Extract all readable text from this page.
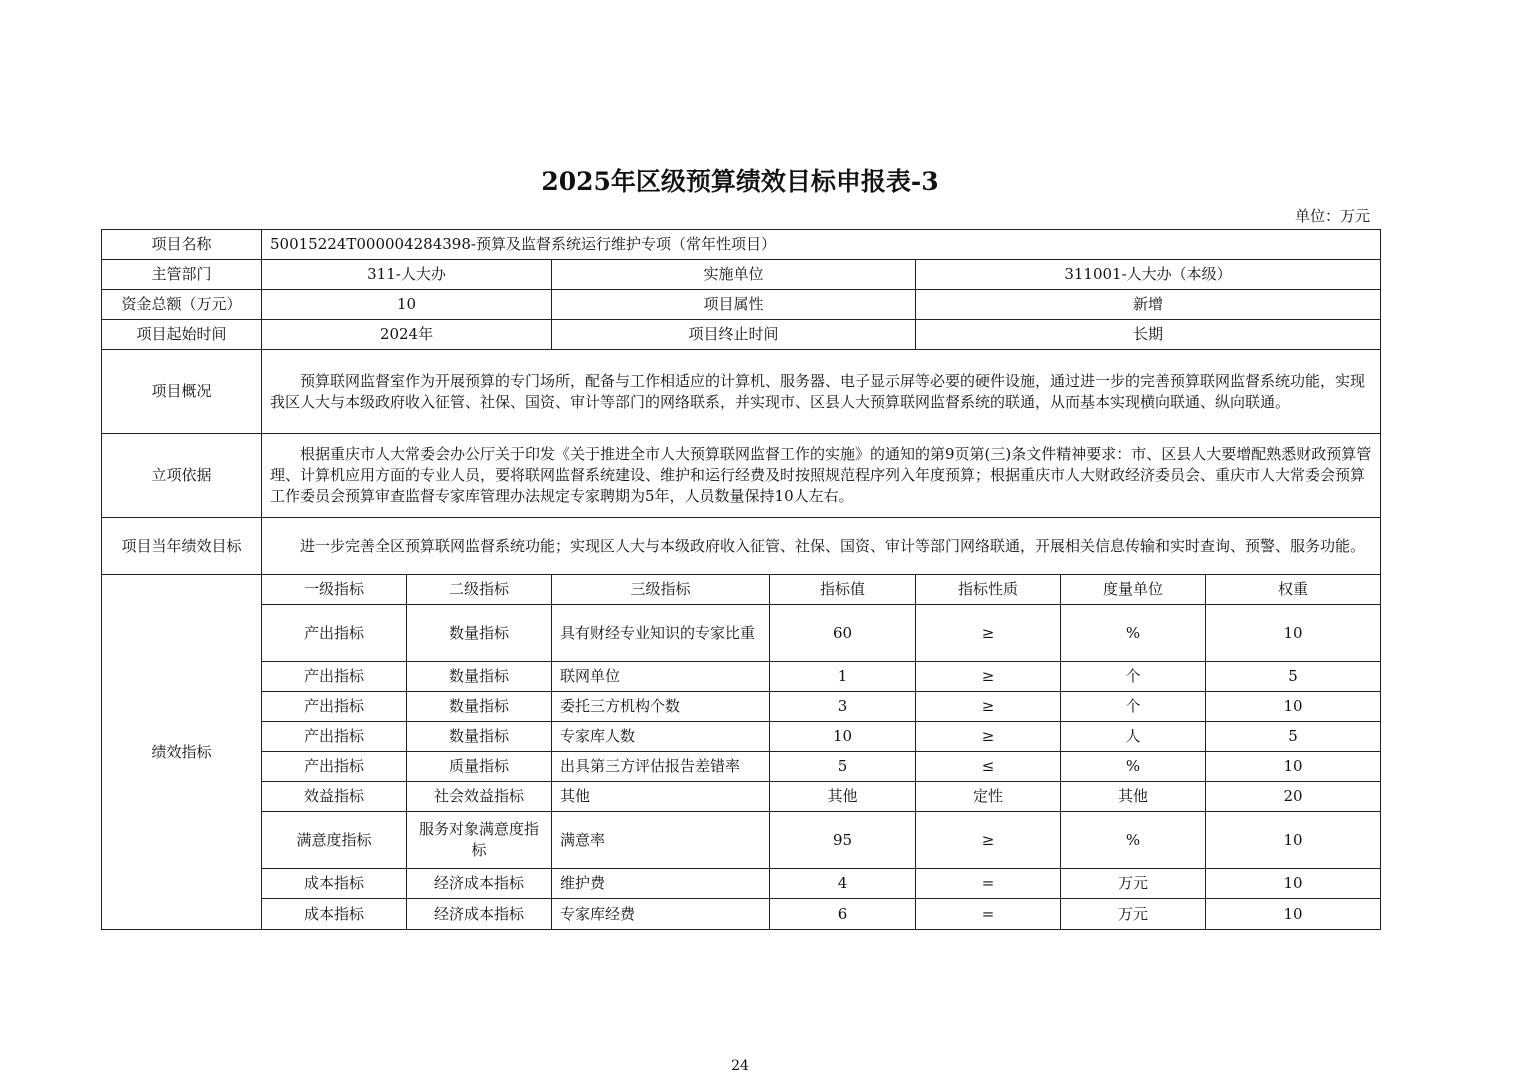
2025年区级预算绩效目标申报表-3
单位：万元
项目名称	50015224T000004284398-预算及监督系统运行维护专项（常年性项目）						
主管部门	311-人大办		实施单位		311001-人大办（本级）		
资金总额（万元）	10		项目属性		新增		
项目起始时间	2024年		项目终止时间		长期		
项目概况	预算联网监督室作为开展预算的专门场所，配备与工作相适应的计算机、服务器、电子显示屏等必要的硬件设施，通过进一步的完善预算联网监督系统功能，实现我区人大与本级政府收入征管、社保、国资、审计等部门的网络联系，并实现市、区县人大预算联网监督系统的联通，从而基本实现横向联通、纵向联通。						
立项依据	根据重庆市人大常委会办公厅关于印发《关于推进全市人大预算联网监督工作的实施》的通知的第9页第(三)条文件精神要求：市、区县人大要增配熟悉财政预算管理、计算机应用方面的专业人员，要将联网监督系统建设、维护和运行经费及时按照规范程序列入年度预算；根据重庆市人大财政经济委员会、重庆市人大常委会预算工作委员会预算审查监督专家库管理办法规定专家聘期为5年，人员数量保持10人左右。						
项目当年绩效目标	进一步完善全区预算联网监督系统功能；实现区人大与本级政府收入征管、社保、国资、审计等部门网络联通，开展相关信息传输和实时查询、预警、服务功能。						
绩效指标	一级指标	二级指标	三级指标	指标值	指标性质	度量单位	权重
	产出指标	数量指标	具有财经专业知识的专家比重	60	≥	%	10
	产出指标	数量指标	联网单位	1	≥	个	5
	产出指标	数量指标	委托三方机构个数	3	≥	个	10
	产出指标	数量指标	专家库人数	10	≥	人	5
	产出指标	质量指标	出具第三方评估报告差错率	5	≤	%	10
	效益指标	社会效益指标	其他	其他	定性	其他	20
	满意度指标	服务对象满意度指标	满意率	95	≥	%	10
	成本指标	经济成本指标	维护费	4	=	万元	10
	成本指标	经济成本指标	专家库经费	6	=	万元	10
24
